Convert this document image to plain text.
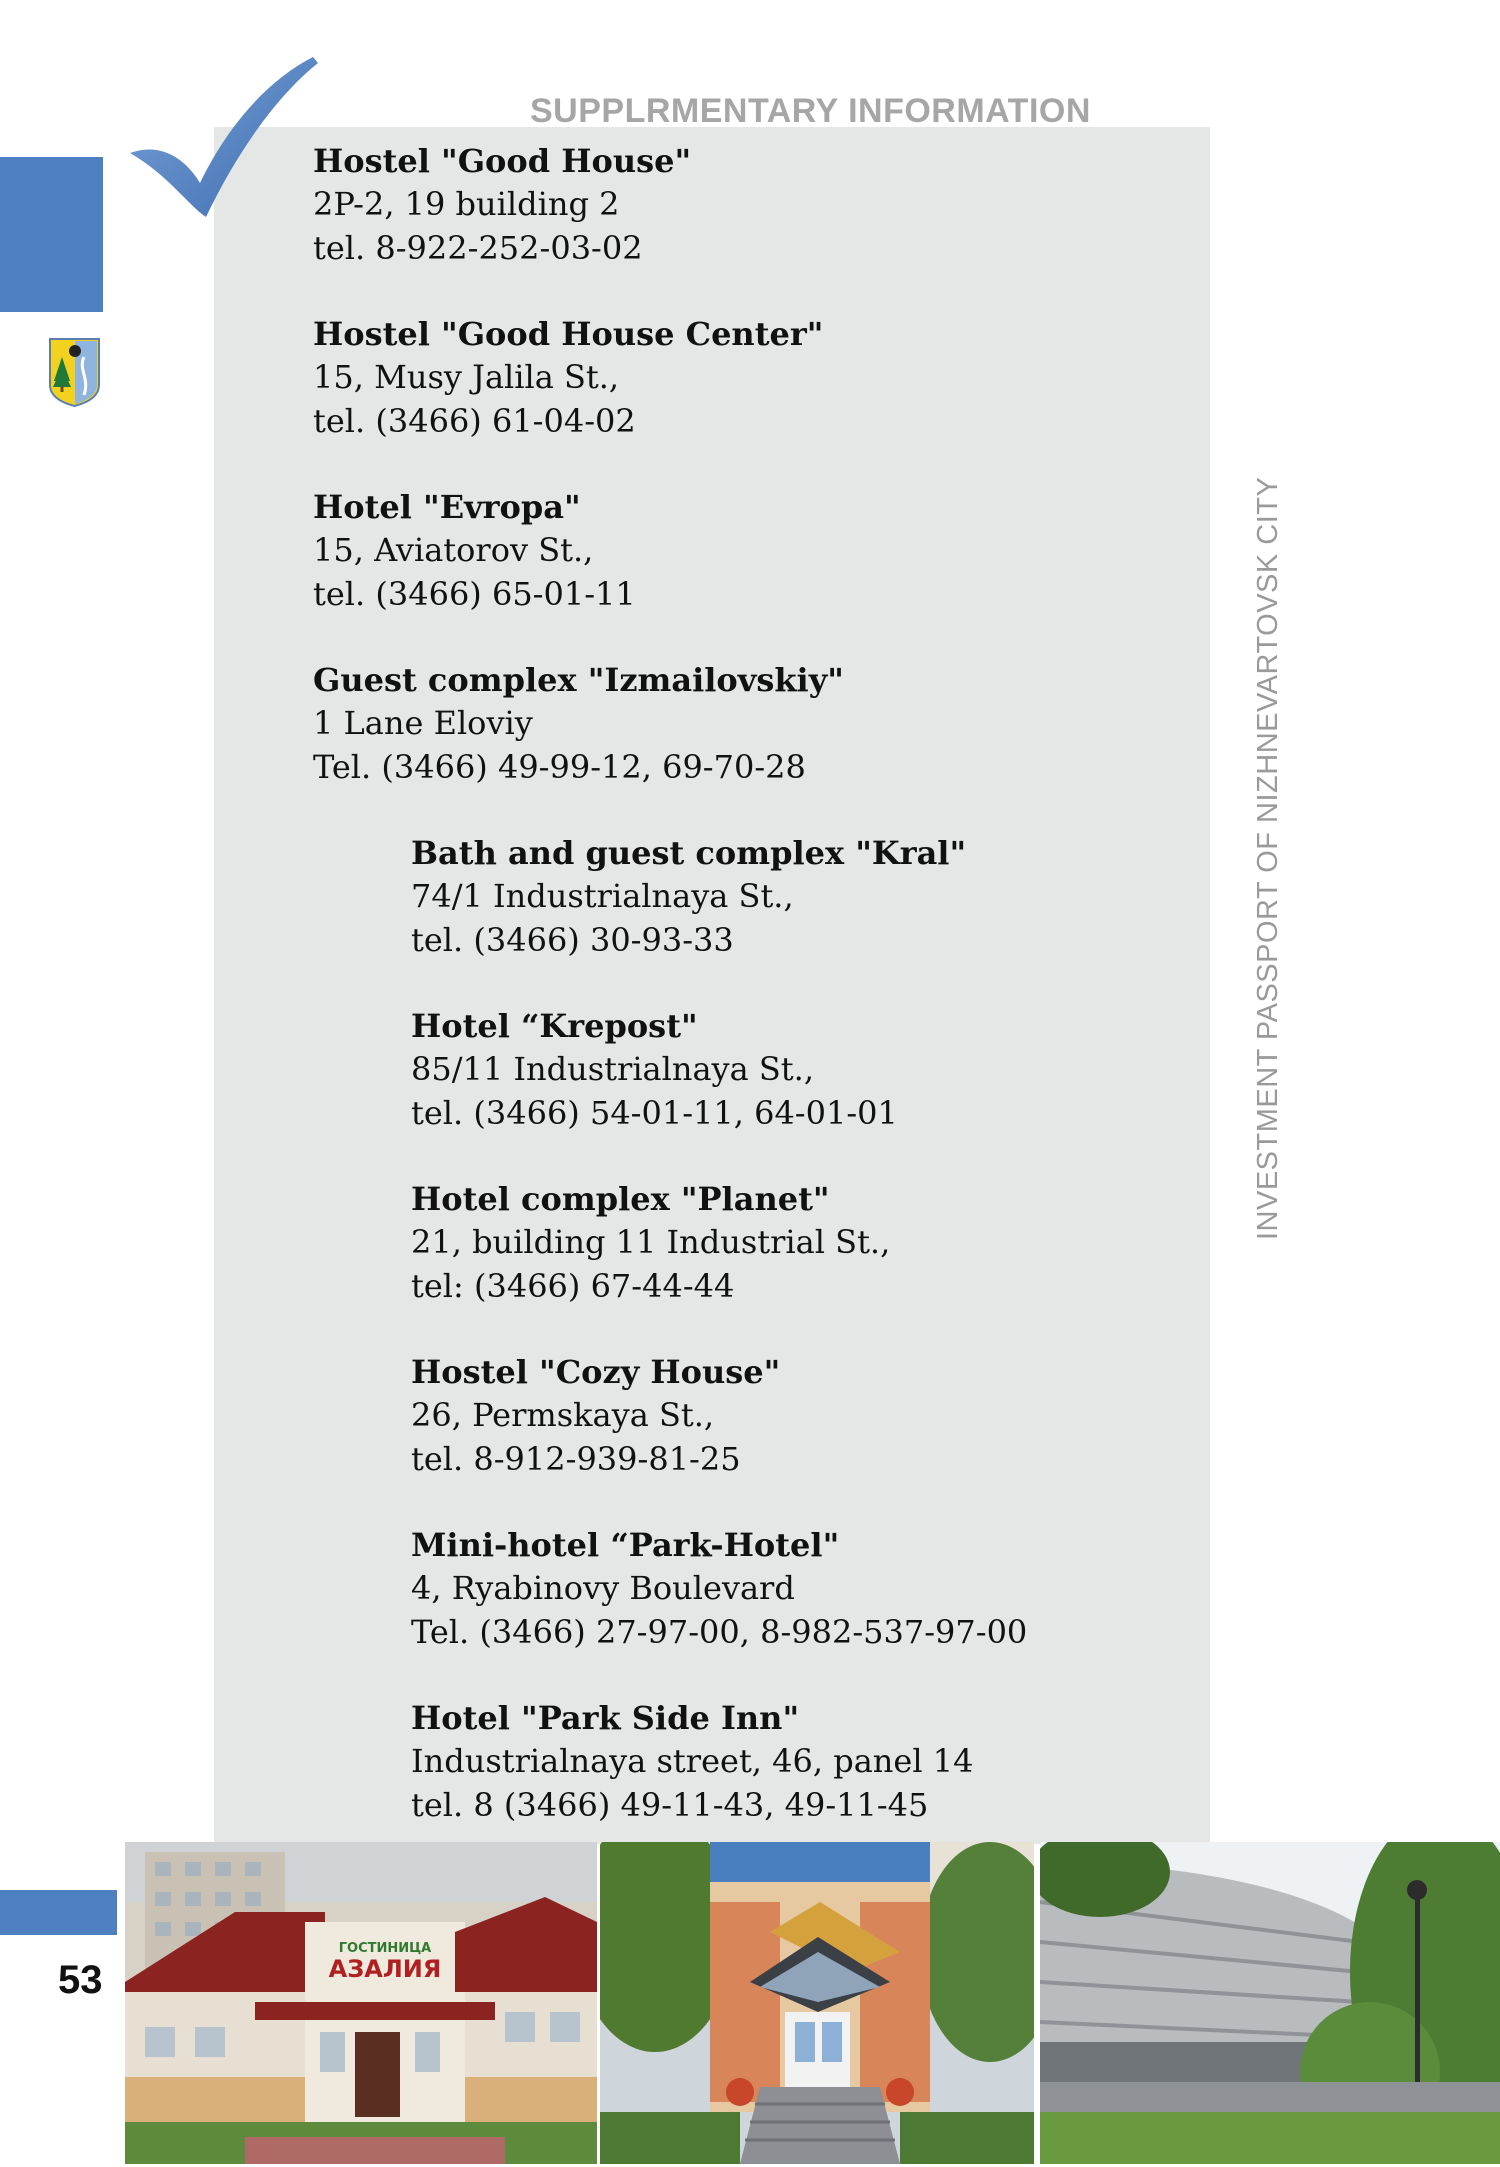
SUPPLRMENTARY INFORMATION
INVESTMENT PASSPORT OF NIZHNEVARTOVSK CITY
53
Hostel "Good House"
2P-2, 19 building 2
tel. 8-922-252-03-02
Hostel "Good House Center"
15, Musy Jalila St.,
tel. (3466) 61-04-02
Hotel "Evropa"
15, Aviatorov St.,
tel. (3466) 65-01-11
Guest complex "Izmailovskiy"
1 Lane Eloviy
Tel. (3466) 49-99-12, 69-70-28
Bath and guest complex "Kral"
74/1 Industrialnaya St.,
tel. (3466) 30-93-33
Hotel “Krepost"
85/11 Industrialnaya St.,
tel. (3466) 54-01-11, 64-01-01
Hotel complex "Planet"
21, building 11 Industrial St.,
tel: (3466) 67-44-44
Hostel "Cozy House"
26, Permskaya St.,
tel. 8-912-939-81-25
Mini-hotel “Park-Hotel"
4, Ryabinovy Boulevard
Tel. (3466) 27-97-00, 8-982-537-97-00
Hotel "Park Side Inn"
Industrialnaya street, 46, panel 14
tel. 8 (3466) 49-11-43, 49-11-45
ГОСТИНИЦА
АЗАЛИЯ
